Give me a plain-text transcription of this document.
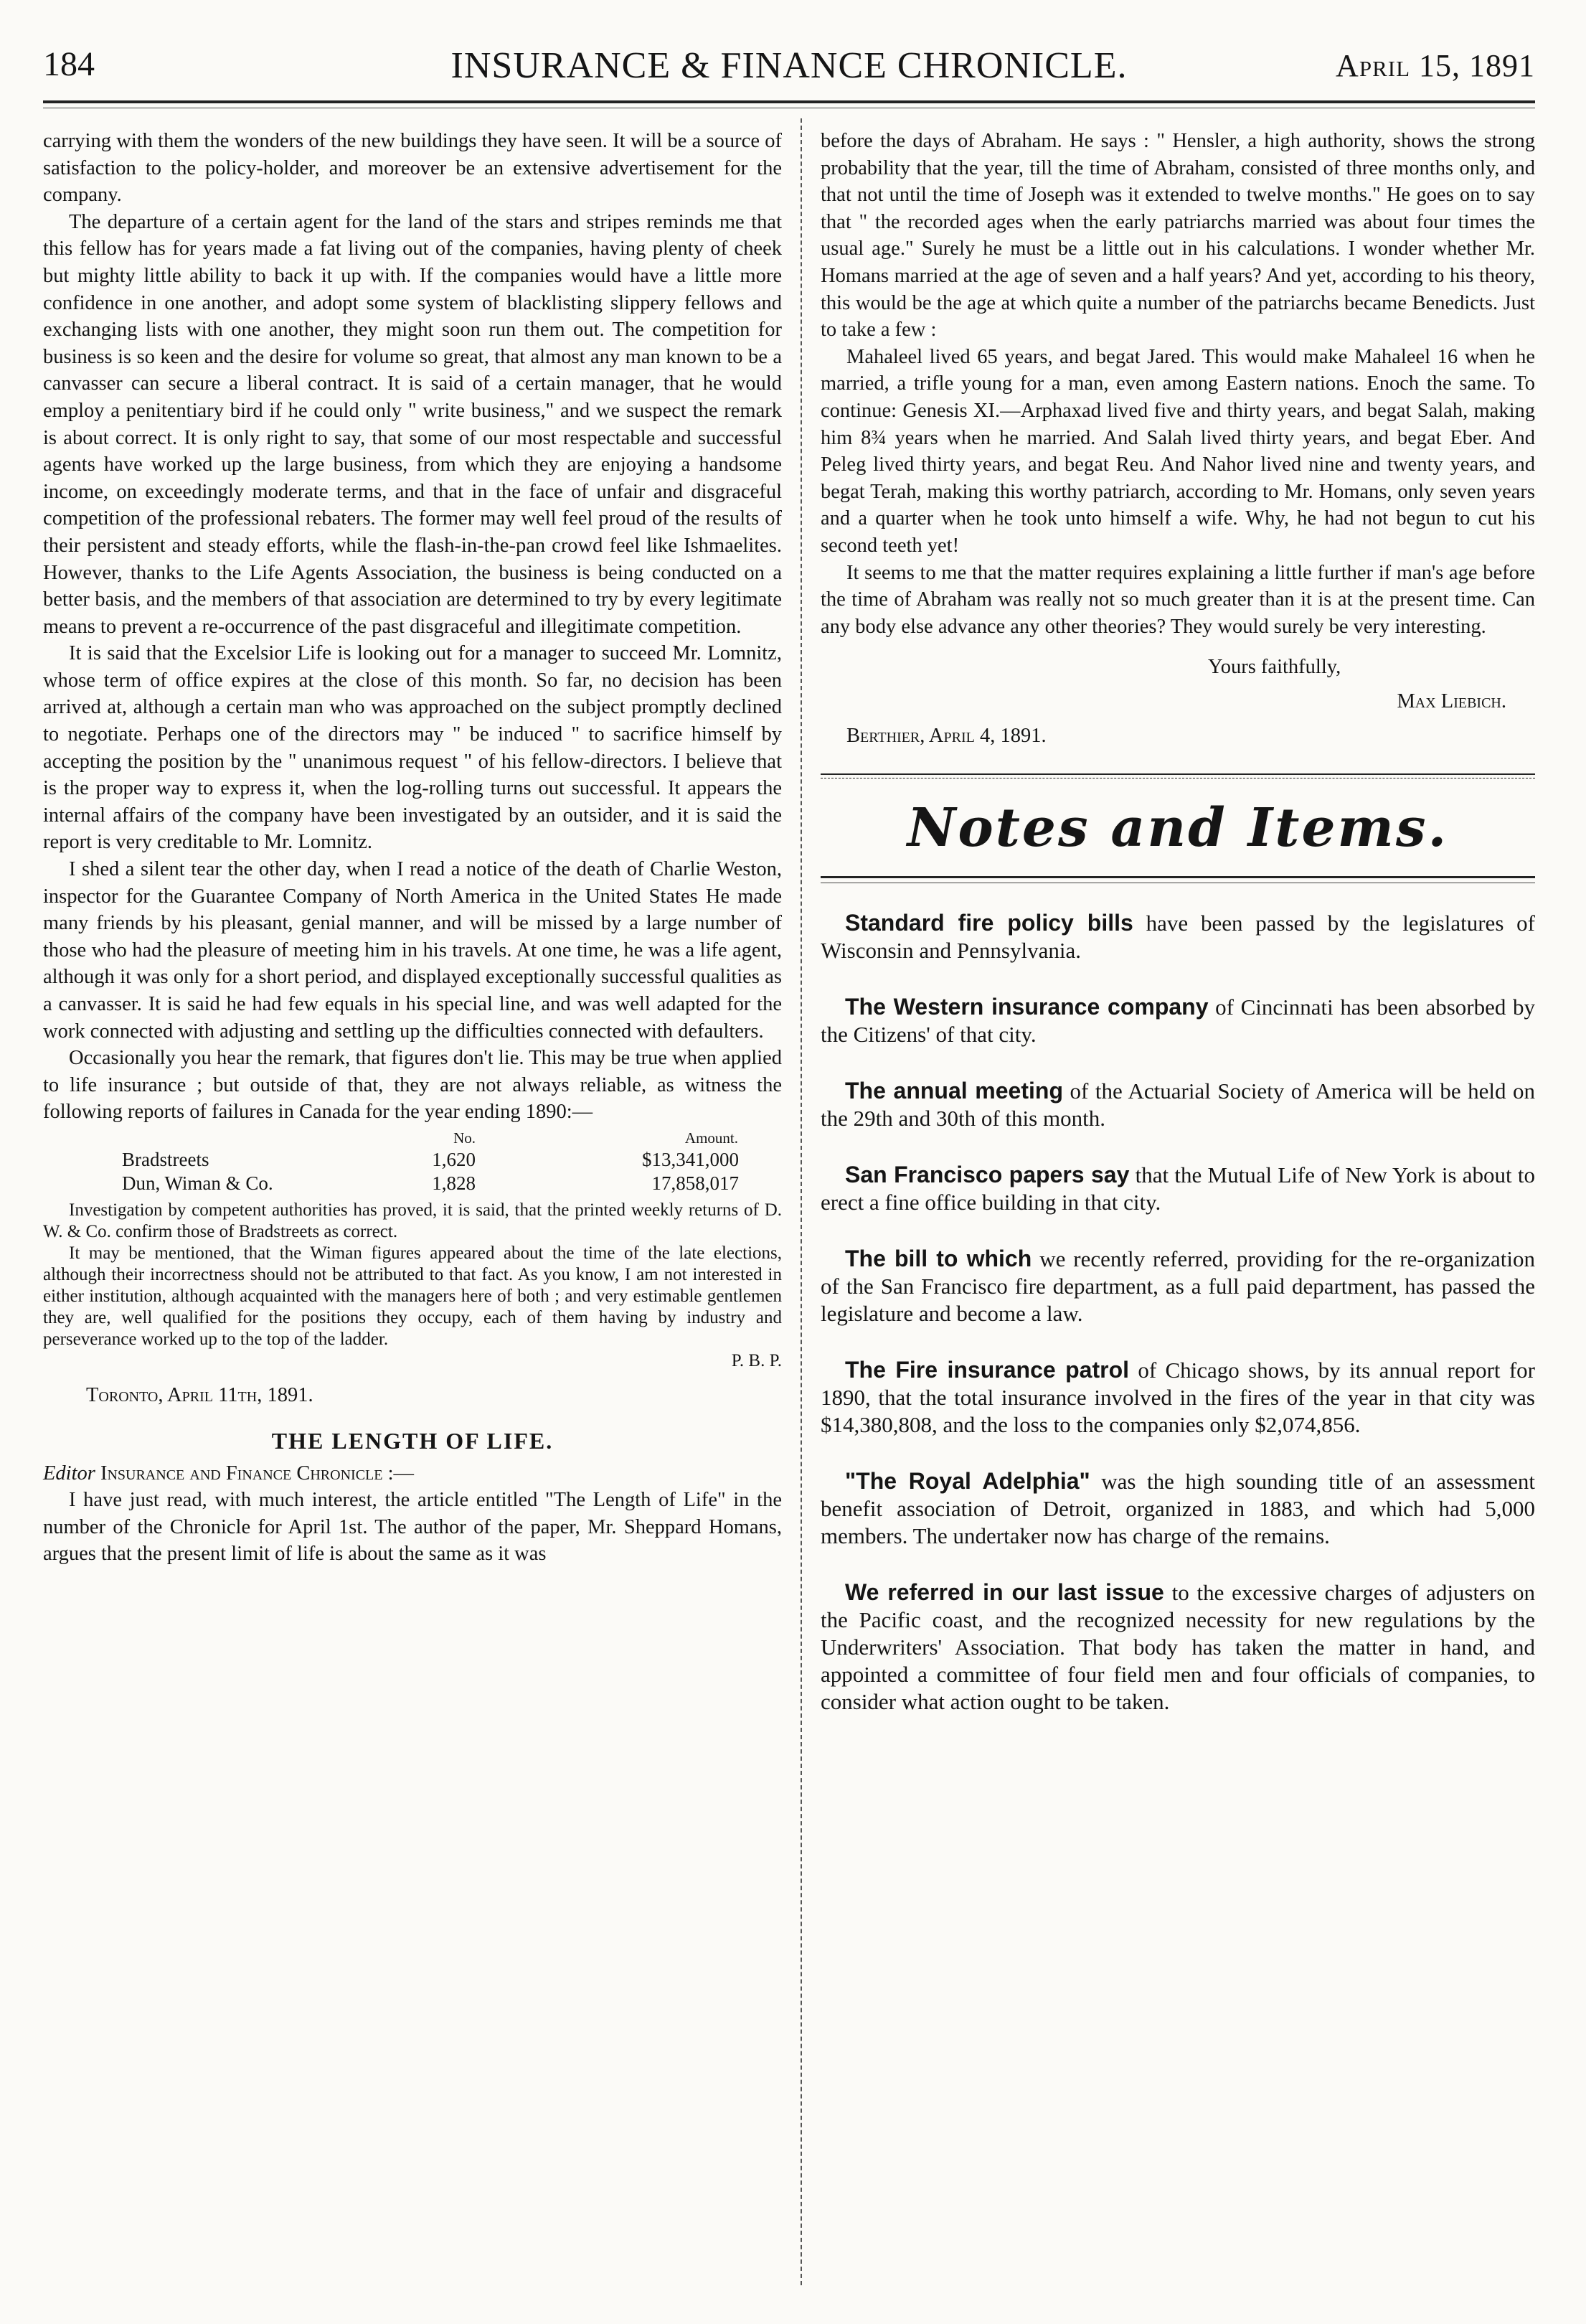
184	INSURANCE & FINANCE CHRONICLE.	April 15, 1891

carrying with them the wonders of the new buildings they have seen. It will be a source of satisfaction to the policy-holder, and moreover be an extensive advertisement for the company.

The departure of a certain agent for the land of the stars and stripes reminds me that this fellow has for years made a fat living out of the companies, having plenty of cheek but mighty little ability to back it up with. If the companies would have a little more confidence in one another, and adopt some system of blacklisting slippery fellows and exchanging lists with one another, they might soon run them out. The competition for business is so keen and the desire for volume so great, that almost any man known to be a canvasser can secure a liberal contract. It is said of a certain manager, that he would employ a penitentiary bird if he could only " write business," and we suspect the remark is about correct. It is only right to say, that some of our most respectable and successful agents have worked up the large business, from which they are enjoying a handsome income, on exceedingly moderate terms, and that in the face of unfair and disgraceful competition of the professional rebaters. The former may well feel proud of the results of their persistent and steady efforts, while the flash-in-the-pan crowd feel like Ishmaelites. However, thanks to the Life Agents Association, the business is being conducted on a better basis, and the members of that association are determined to try by every legitimate means to prevent a re-occurrence of the past disgraceful and illegitimate competition.

It is said that the Excelsior Life is looking out for a manager to succeed Mr. Lomnitz, whose term of office expires at the close of this month. So far, no decision has been arrived at, although a certain man who was approached on the subject promptly declined to negotiate. Perhaps one of the directors may " be induced " to sacrifice himself by accepting the position by the " unanimous request " of his fellow-directors. I believe that is the proper way to express it, when the log-rolling turns out successful. It appears the internal affairs of the company have been investigated by an outsider, and it is said the report is very creditable to Mr. Lomnitz.

I shed a silent tear the other day, when I read a notice of the death of Charlie Weston, inspector for the Guarantee Company of North America in the United States He made many friends by his pleasant, genial manner, and will be missed by a large number of those who had the pleasure of meeting him in his travels. At one time, he was a life agent, although it was only for a short period, and displayed exceptionally successful qualities as a canvasser. It is said he had few equals in his special line, and was well adapted for the work connected with adjusting and settling up the difficulties connected with defaulters.

Occasionally you hear the remark, that figures don't lie. This may be true when applied to life insurance ; but outside of that, they are not always reliable, as witness the following reports of failures in Canada for the year ending 1890:—

	No.	Amount.
Bradstreets	1,620	$13,341,000
Dun, Wiman & Co.	1,828	17,858,017

Investigation by competent authorities has proved, it is said, that the printed weekly returns of D. W. & Co. confirm those of Bradstreets as correct.

It may be mentioned, that the Wiman figures appeared about the time of the late elections, although their incorrectness should not be attributed to that fact. As you know, I am not interested in either institution, although acquainted with the managers here of both ; and very estimable gentlemen they are, well qualified for the positions they occupy, each of them having by industry and perseverance worked up to the top of the ladder.

P. B. P.

Toronto, April 11th, 1891.
THE LENGTH OF LIFE.
Editor Insurance and Finance Chronicle :—

I have just read, with much interest, the article entitled "The Length of Life" in the number of the Chronicle for April 1st. The author of the paper, Mr. Sheppard Homans, argues that the present limit of life is about the same as it was

before the days of Abraham. He says : " Hensler, a high authority, shows the strong probability that the year, till the time of Abraham, consisted of three months only, and that not until the time of Joseph was it extended to twelve months." He goes on to say that " the recorded ages when the early patriarchs married was about four times the usual age." Surely he must be a little out in his calculations. I wonder whether Mr. Homans married at the age of seven and a half years? And yet, according to his theory, this would be the age at which quite a number of the patriarchs became Benedicts. Just to take a few :

Mahaleel lived 65 years, and begat Jared. This would make Mahaleel 16 when he married, a trifle young for a man, even among Eastern nations. Enoch the same. To continue: Genesis XI.—Arphaxad lived five and thirty years, and begat Salah, making him 8¾ years when he married. And Salah lived thirty years, and begat Eber. And Peleg lived thirty years, and begat Reu. And Nahor lived nine and twenty years, and begat Terah, making this worthy patriarch, according to Mr. Homans, only seven years and a quarter when he took unto himself a wife. Why, he had not begun to cut his second teeth yet!

It seems to me that the matter requires explaining a little further if man's age before the time of Abraham was really not so much greater than it is at the present time. Can any body else advance any other theories? They would surely be very interesting.

Yours faithfully,
Max Liebich.
Berthier, April 4, 1891.
Notes and Items.
Standard fire policy bills have been passed by the legislatures of Wisconsin and Pennsylvania.
The Western insurance company of Cincinnati has been absorbed by the Citizens' of that city.
The annual meeting of the Actuarial Society of America will be held on the 29th and 30th of this month.
San Francisco papers say that the Mutual Life of New York is about to erect a fine office building in that city.
The bill to which we recently referred, providing for the re-organization of the San Francisco fire department, as a full paid department, has passed the legislature and become a law.
The Fire insurance patrol of Chicago shows, by its annual report for 1890, that the total insurance involved in the fires of the year in that city was $14,380,808, and the loss to the companies only $2,074,856.
"The Royal Adelphia" was the high sounding title of an assessment benefit association of Detroit, organized in 1883, and which had 5,000 members. The undertaker now has charge of the remains.
We referred in our last issue to the excessive charges of adjusters on the Pacific coast, and the recognized necessity for new regulations by the Underwriters' Association. That body has taken the matter in hand, and appointed a committee of four field men and four officials of companies, to consider what action ought to be taken.
